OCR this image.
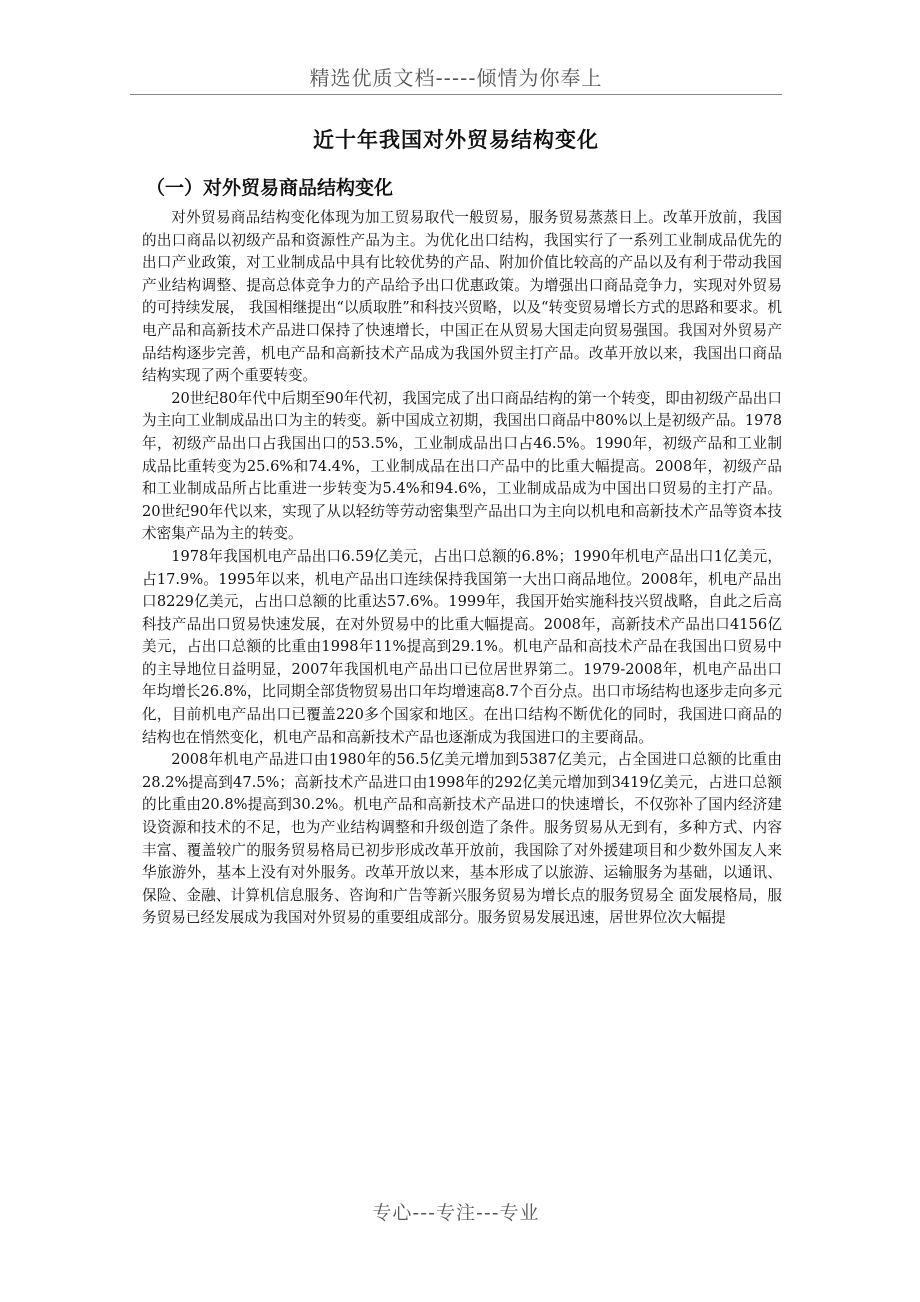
精选优质文档-----倾情为你奉上
近十年我国对外贸易结构变化
（一）对外贸易商品结构变化

对外贸易商品结构变化体现为加工贸易取代一般贸易，服务贸易蒸蒸日上。改革开放前，我国的出口商品以初级产品和资源性产品为主。为优化出口结构，我国实行了一系列工业制成品优先的出口产业政策，对工业制成品中具有比较优势的产品、附加价值比较高的产品以及有利于带动我国产业结构调整、提高总体竞争力的产品给予出口优惠政策。为增强出口商品竞争力，实现对外贸易的可持续发展， 我国相继提出“以质取胜”和科技兴贸略，以及“转变贸易增长方式的思路和要求。机电产品和高新技术产品进口保持了快速增长，中国正在从贸易大国走向贸易强国。我国对外贸易产品结构逐步完善，机电产品和高新技术产品成为我国外贸主打产品。改革开放以来，我国出口商品结构实现了两个重要转变。

20世纪80年代中后期至90年代初，我国完成了出口商品结构的第一个转变，即由初级产品出口为主向工业制成品出口为主的转变。新中国成立初期，我国出口商品中80%以上是初级产品。1978年，初级产品出口占我国出口的53.5%，工业制成品出口占46.5%。1990年，初级产品和工业制成品比重转变为25.6%和74.4%，工业制成品在出口产品中的比重大幅提高。2008年，初级产品和工业制成品所占比重进一步转变为5.4%和94.6%，工业制成品成为中国出口贸易的主打产品。20世纪90年代以来，实现了从以轻纺等劳动密集型产品出口为主向以机电和高新技术产品等资本技术密集产品为主的转变。

1978年我国机电产品出口6.59亿美元，占出口总额的6.8%；1990年机电产品出口1亿美元，占17.9%。1995年以来，机电产品出口连续保持我国第一大出口商品地位。2008年，机电产品出口8229亿美元，占出口总额的比重达57.6%。1999年，我国开始实施科技兴贸战略，自此之后高科技产品出口贸易快速发展，在对外贸易中的比重大幅提高。2008年，高新技术产品出口4156亿美元，占出口总额的比重由1998年11%提高到29.1%。机电产品和高技术产品在我国出口贸易中的主导地位日益明显，2007年我国机电产品出口已位居世界第二。1979-2008年，机电产品出口年均增长26.8%，比同期全部货物贸易出口年均增速高8.7个百分点。出口市场结构也逐步走向多元化，目前机电产品出口已覆盖220多个国家和地区。在出口结构不断优化的同时，我国进口商品的结构也在悄然变化，机电产品和高新技术产品也逐渐成为我国进口的主要商品。

2008年机电产品进口由1980年的56.5亿美元增加到5387亿美元，占全国进口总额的比重由28.2%提高到47.5%；高新技术产品进口由1998年的292亿美元增加到3419亿美元，占进口总额的比重由20.8%提高到30.2%。机电产品和高新技术产品进口的快速增长，不仅弥补了国内经济建设资源和技术的不足，也为产业结构调整和升级创造了条件。服务贸易从无到有，多种方式、内容丰富、覆盖较广的服务贸易格局已初步形成改革开放前，我国除了对外援建项目和少数外国友人来华旅游外，基本上没有对外服务。改革开放以来，基本形成了以旅游、运输服务为基础，以通讯、保险、金融、计算机信息服务、咨询和广告等新兴服务贸易为增长点的服务贸易全 面发展格局，服务贸易已经发展成为我国对外贸易的重要组成部分。服务贸易发展迅速，居世界位次大幅提

专心---专注---专业
